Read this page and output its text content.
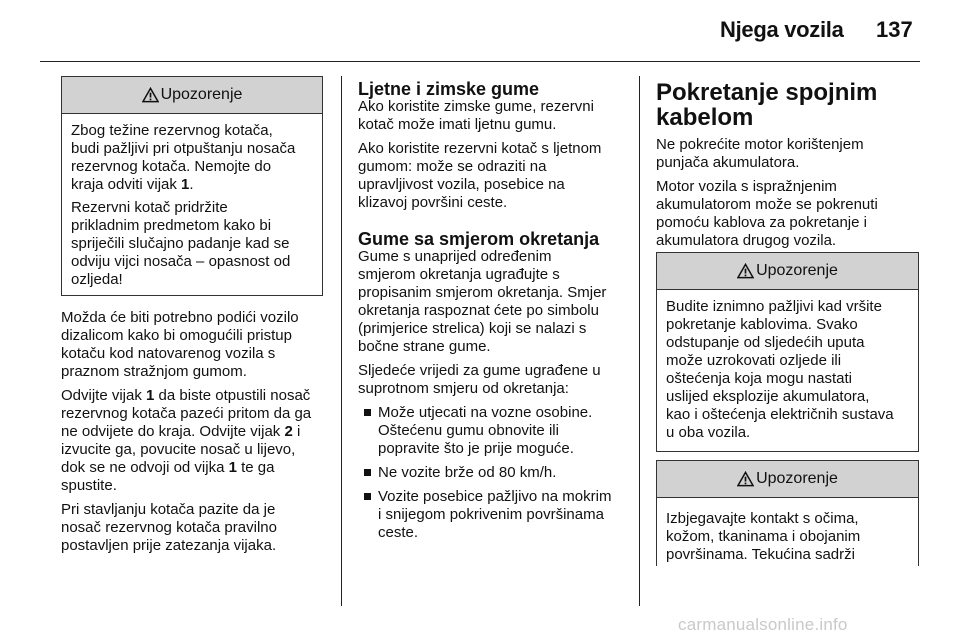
Njega vozila	137
Upozorenje

Zbog težine rezervnog kotača,
budi pažljivi pri otpuštanju nosača
rezervnog kotača. Nemojte do
kraja odviti vijak 1.

Rezervni kotač pridržite
prikladnim predmetom kako bi
spriječili slučajno padanje kad se
odviju vijci nosača – opasnost od
ozljeda!

Možda će biti potrebno podići vozilo
dizalicom kako bi omogućili pristup
kotaču kod natovarenog vozila s
praznom stražnjom gumom.

Odvijte vijak 1 da biste otpustili nosač
rezervnog kotača pazeći pritom da ga
ne odvijete do kraja. Odvijte vijak 2 i
izvucite ga, povucite nosač u lijevo,
dok se ne odvoji od vijka 1 te ga
spustite.

Pri stavljanju kotača pazite da je
nosač rezervnog kotača pravilno
postavljen prije zatezanja vijaka.

Ljetne i zimske gume

Ako koristite zimske gume, rezervni
kotač može imati ljetnu gumu.

Ako koristite rezervni kotač s ljetnom
gumom: može se odraziti na
upravljivost vozila, posebice na
klizavoj površini ceste.

Gume sa smjerom okretanja

Gume s unaprijed određenim
smjerom okretanja ugrađujte s
propisanim smjerom okretanja. Smjer
okretanja raspoznat ćete po simbolu
(primjerice strelica) koji se nalazi s
bočne strane gume.

Sljedeće vrijedi za gume ugrađene u
suprotnom smjeru od okretanja:

Može utjecati na vozne osobine.
Oštećenu gumu obnovite ili
popravite što je prije moguće.
Ne vozite brže od 80 km/h.
Vozite posebice pažljivo na mokrim
i snijegom pokrivenim površinama
ceste.
Pokretanje spojnim
kabelom

Ne pokrećite motor korištenjem
punjača akumulatora.

Motor vozila s ispražnjenim
akumulatorom može se pokrenuti
pomoću kablova za pokretanje i
akumulatora drugog vozila.

Upozorenje
Budite iznimno pažljivi kad vršite
pokretanje kablovima. Svako
odstupanje od sljedećih uputa
može uzrokovati ozljede ili
oštećenja koja mogu nastati
uslijed eksplozije akumulatora,
kao i oštećenja električnih sustava
u oba vozila.
Upozorenje
Izbjegavajte kontakt s očima,
kožom, tkaninama i obojanim
površinama. Tekućina sadrži
carmanualsonline.info
